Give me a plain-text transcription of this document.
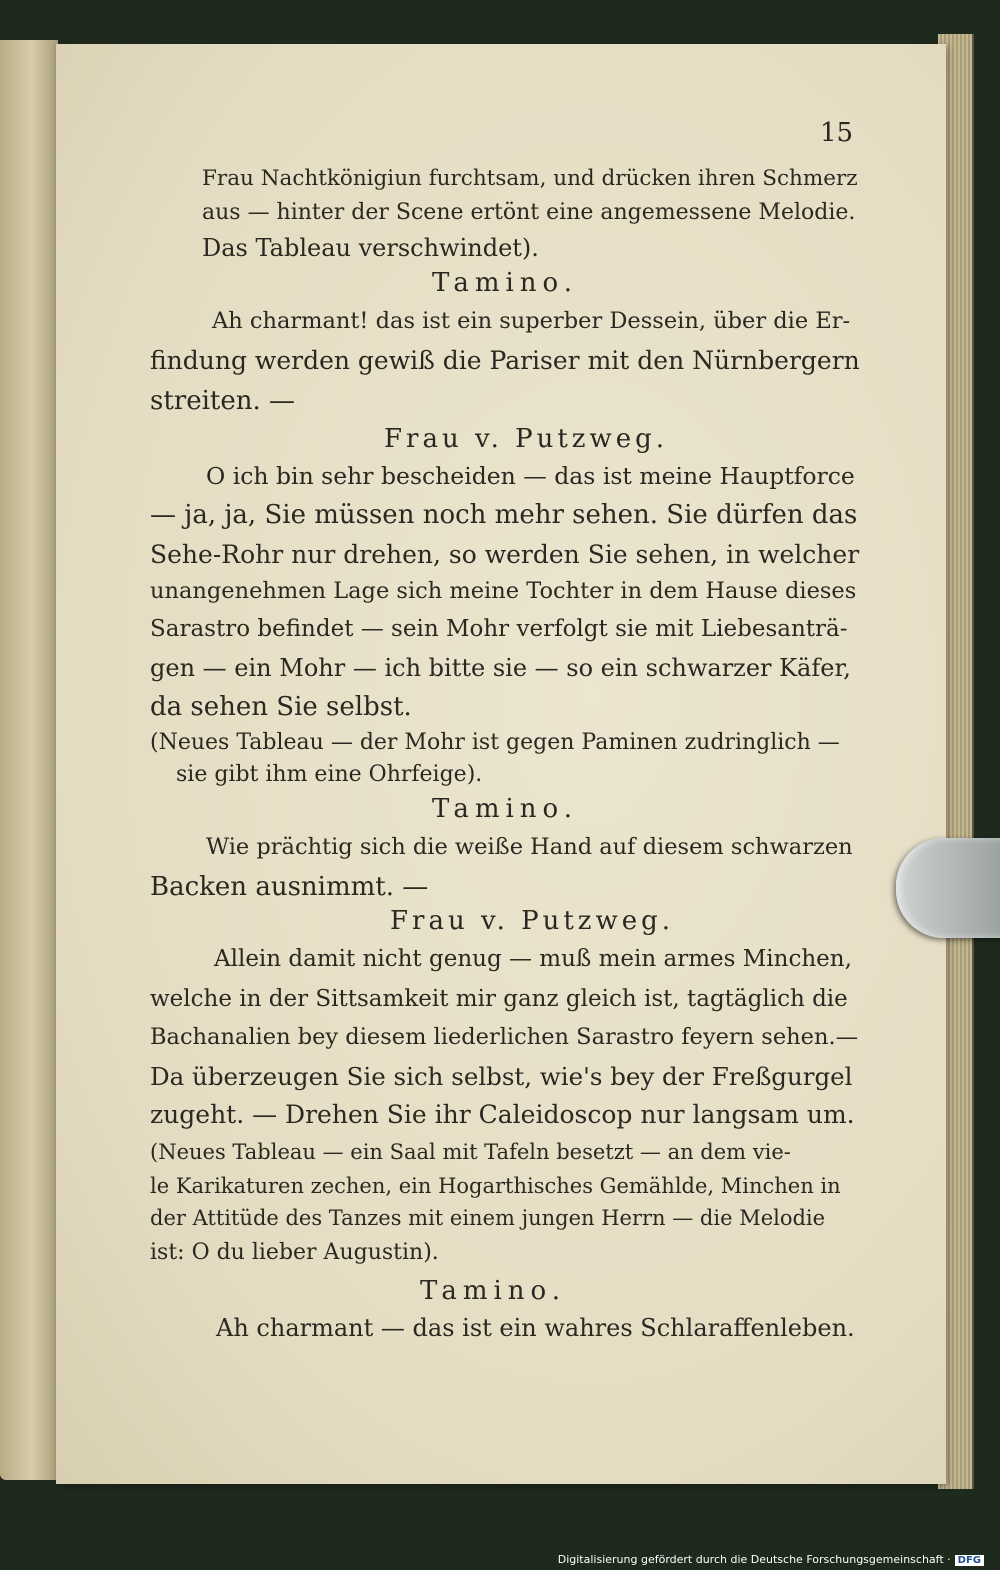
15
Frau Nachtkönigiun furchtsam, und drücken ihren Schmerz
aus — hinter der Scene ertönt eine angemessene Melodie.
Das Tableau verschwindet).
Tamino.
Ah charmant! das ist ein superber Dessein, über die Er-
findung werden gewiß die Pariser mit den Nürnbergern
streiten. —
Frau v. Putzweg.
O ich bin sehr bescheiden — das ist meine Hauptforce
— ja, ja, Sie müssen noch mehr sehen. Sie dürfen das
Sehe-Rohr nur drehen, so werden Sie sehen, in welcher
unangenehmen Lage sich meine Tochter in dem Hause dieses
Sarastro befindet — sein Mohr verfolgt sie mit Liebesanträ-
gen — ein Mohr — ich bitte sie — so ein schwarzer Käfer,
da sehen Sie selbst.
(Neues Tableau — der Mohr ist gegen Paminen zudringlich —
sie gibt ihm eine Ohrfeige).
Tamino.
Wie prächtig sich die weiße Hand auf diesem schwarzen
Backen ausnimmt. —
Frau v. Putzweg.
Allein damit nicht genug — muß mein armes Minchen,
welche in der Sittsamkeit mir ganz gleich ist, tagtäglich die
Bachanalien bey diesem liederlichen Sarastro feyern sehen.—
Da überzeugen Sie sich selbst, wie's bey der Freßgurgel
zugeht. — Drehen Sie ihr Caleidoscop nur langsam um.
(Neues Tableau — ein Saal mit Tafeln besetzt — an dem vie-
le Karikaturen zechen, ein Hogarthisches Gemählde, Minchen in
der Attitüde des Tanzes mit einem jungen Herrn — die Melodie
ist: O du lieber Augustin).
Tamino.
Ah charmant — das ist ein wahres Schlaraffenleben.
Digitalisierung gefördert durch die Deutsche Forschungsgemeinschaft · DFG
